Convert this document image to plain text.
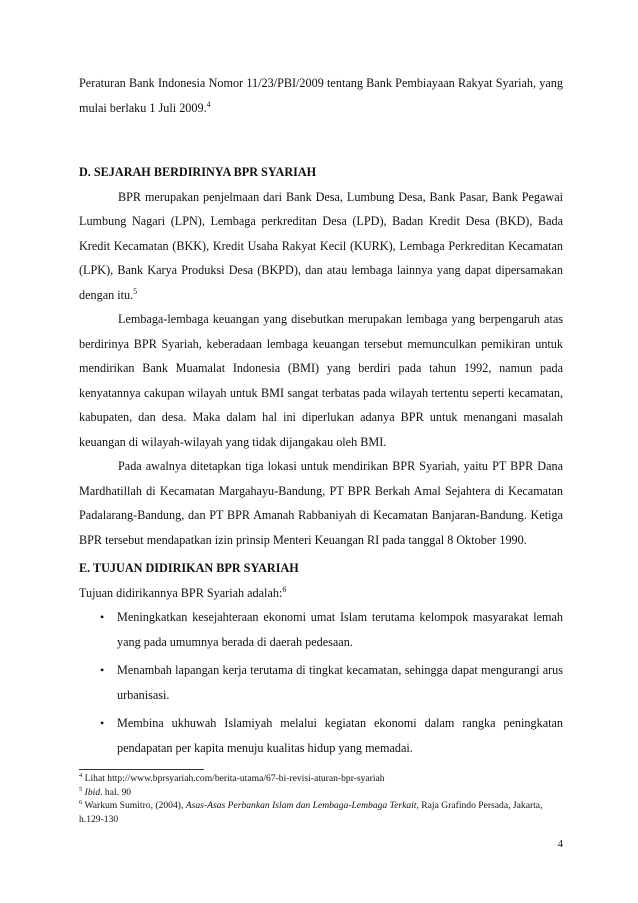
Peraturan Bank Indonesia Nomor 11/23/PBI/2009 tentang Bank Pembiayaan Rakyat Syariah, yang mulai berlaku 1 Juli 2009.$^4$

D. SEJARAH BERDIRINYA BPR SYARIAH

BPR merupakan penjelmaan dari Bank Desa, Lumbung Desa, Bank Pasar, Bank Pegawai Lumbung Nagari (LPN), Lembaga perkreditan Desa (LPD), Badan Kredit Desa (BKD), Bada Kredit Kecamatan (BKK), Kredit Usaha Rakyat Kecil (KURK), Lembaga Perkreditan Kecamatan (LPK), Bank Karya Produksi Desa (BKPD), dan atau lembaga lainnya yang dapat dipersamakan dengan itu.$^5$

Lembaga-lembaga keuangan yang disebutkan merupakan lembaga yang berpengaruh atas berdirinya BPR Syariah, keberadaan lembaga keuangan tersebut memunculkan pemikiran untuk mendirikan Bank Muamalat Indonesia (BMI) yang berdiri pada tahun 1992, namun pada kenyatannya cakupan wilayah untuk BMI sangat terbatas pada wilayah tertentu seperti kecamatan, kabupaten, dan desa. Maka dalam hal ini diperlukan adanya BPR untuk menangani masalah keuangan di wilayah-wilayah yang tidak dijangakau oleh BMI.

Pada awalnya ditetapkan tiga lokasi untuk mendirikan BPR Syariah, yaitu PT BPR Dana Mardhatillah di Kecamatan Margahayu-Bandung, PT BPR Berkah Amal Sejahtera di Kecamatan Padalarang-Bandung, dan PT BPR Amanah Rabbaniyah di Kecamatan Banjaran-Bandung. Ketiga BPR tersebut mendapatkan izin prinsip Menteri Keuangan RI pada tanggal 8 Oktober 1990.

E. TUJUAN DIDIRIKAN BPR SYARIAH

Tujuan didirikannya BPR Syariah adalah:$^6$

• Meningkatkan kesejahteraan ekonomi umat Islam terutama kelompok masyarakat lemah yang pada umumnya berada di daerah pedesaan.
• Menambah lapangan kerja terutama di tingkat kecamatan, sehingga dapat mengurangi arus urbanisasi.
• Membina ukhuwah Islamiyah melalui kegiatan ekonomi dalam rangka peningkatan pendapatan per kapita menuju kualitas hidup yang memadai.

$^4$ Lihat http://www.bprsyariah.com/berita-utama/67-bi-revisi-aturan-bpr-syariah

$^5$ Ibid. hal. 90

$^6$ Warkum Sumitro, (2004), Asas-Asas Perbankan Islam dan Lembaga-Lembaga Terkait, Raja Grafindo Persada, Jakarta, h.129-130

4
